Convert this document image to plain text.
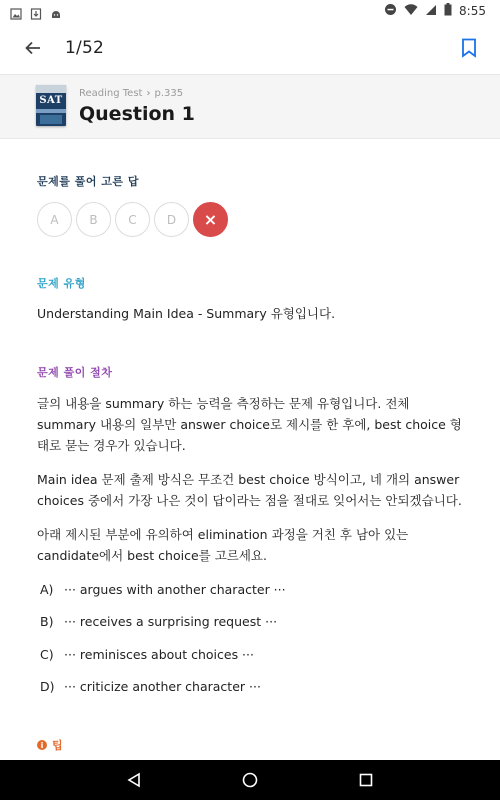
8:55
1/52
SAT
Reading Test › p.335
Question 1
문제를 풀어 고른 답
A	B	C	D	×
문제 유형
Understanding Main Idea - Summary 유형입니다.
문제 풀이 절차
글의 내용을 summary 하는 능력을 측정하는 문제 유형입니다. 전체 summary 내용의 일부만 answer choice로 제시를 한 후에, best choice 형태로 묻는 경우가 있습니다.
Main idea 문제 출제 방식은 무조건 best choice 방식이고, 네 개의 answer choices 중에서 가장 나은 것이 답이라는 점을 절대로 잊어서는 안되겠습니다.
아래 제시된 부분에 유의하여 elimination 과정을 거친 후 남아 있는 candidate에서 best choice를 고르세요.
A) ··· argues with another character ···
B) ··· receives a surprising request ···
C) ··· reminisces about choices ···
D) ··· criticize another character ···
i 팁
